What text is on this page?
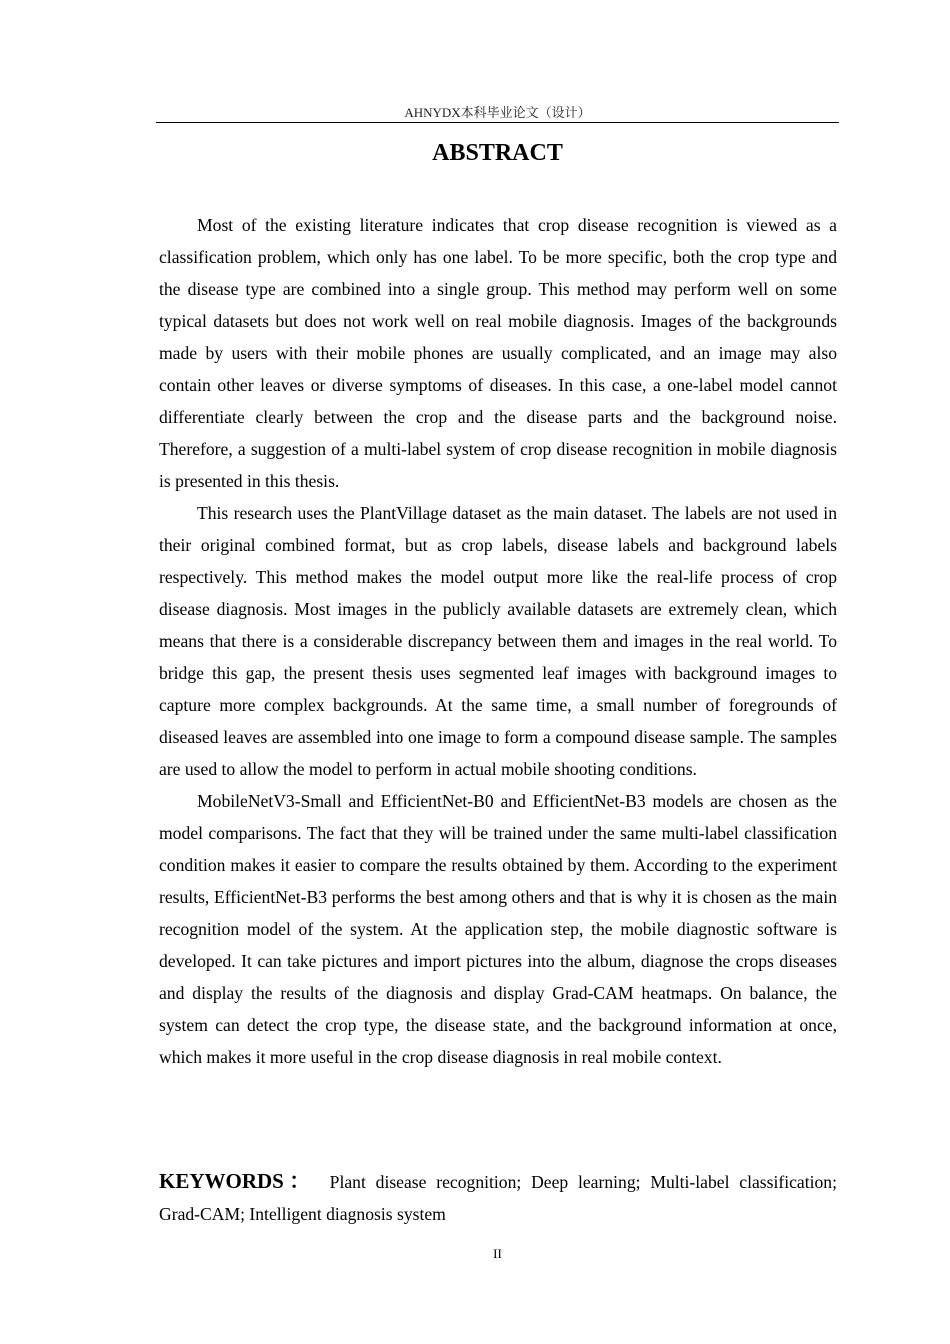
AHNYDX本科毕业论文（设计）
ABSTRACT

Most of the existing literature indicates that crop disease recognition is viewed as a classification problem, which only has one label. To be more specific, both the crop type and the disease type are combined into a single group. This method may perform well on some typical datasets but does not work well on real mobile diagnosis. Images of the backgrounds made by users with their mobile phones are usually complicated, and an image may also contain other leaves or diverse symptoms of diseases. In this case, a one-label model cannot differentiate clearly between the crop and the disease parts and the background noise. Therefore, a suggestion of a multi-label system of crop disease recognition in mobile diagnosis is presented in this thesis.

This research uses the PlantVillage dataset as the main dataset. The labels are not used in their original combined format, but as crop labels, disease labels and background labels respectively. This method makes the model output more like the real-life process of crop disease diagnosis. Most images in the publicly available datasets are extremely clean, which means that there is a considerable discrepancy between them and images in the real world. To bridge this gap, the present thesis uses segmented leaf images with background images to capture more complex backgrounds. At the same time, a small number of foregrounds of diseased leaves are assembled into one image to form a compound disease sample. The samples are used to allow the model to perform in actual mobile shooting conditions.

MobileNetV3-Small and EfficientNet-B0 and EfficientNet-B3 models are chosen as the model comparisons. The fact that they will be trained under the same multi-label classification condition makes it easier to compare the results obtained by them. According to the experiment results, EfficientNet-B3 performs the best among others and that is why it is chosen as the main recognition model of the system. At the application step, the mobile diagnostic software is developed. It can take pictures and import pictures into the album, diagnose the crops diseases and display the results of the diagnosis and display Grad-CAM heatmaps. On balance, the system can detect the crop type, the disease state, and the background information at once, which makes it more useful in the crop disease diagnosis in real mobile context.

KEYWORDS： Plant disease recognition; Deep learning; Multi-label classification; Grad-CAM; Intelligent diagnosis system

II
